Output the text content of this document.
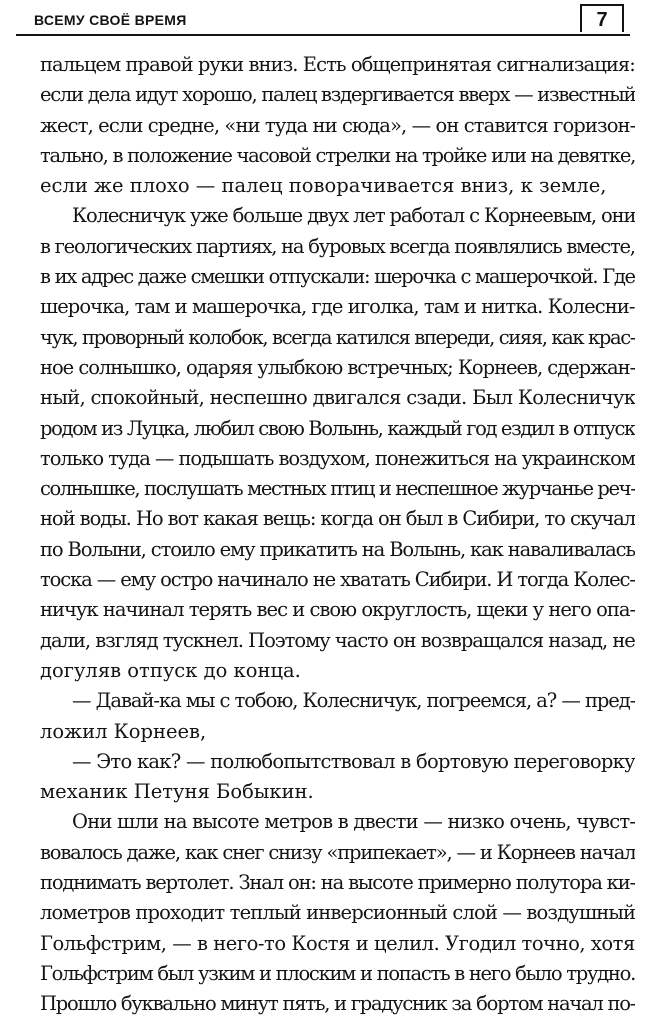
ВСЕМУ СВОЁ ВРЕМЯ	7
пальцем правой руки вниз. Есть общепринятая сигнализация:
если дела идут хорошо, палец вздергивается вверх — известный
жест, если средне, «ни туда ни сюда», — он ставится горизон-
тально, в положение часовой стрелки на тройке или на девятке,
если же плохо — палец поворачивается вниз, к земле,
Колесничук уже больше двух лет работал с Корнеевым, они
в геологических партиях, на буровых всегда появлялись вместе,
в их адрес даже смешки отпускали: шерочка с машерочкой. Где
шерочка, там и машерочка, где иголка, там и нитка. Колесни-
чук, проворный колобок, всегда катился впереди, сияя, как крас-
ное солнышко, одаряя улыбкою встречных; Корнеев, сдержан-
ный, спокойный, неспешно двигался сзади. Был Колесничук
родом из Луцка, любил свою Волынь, каждый год ездил в отпуск
только туда — подышать воздухом, понежиться на украинском
солнышке, послушать местных птиц и неспешное журчанье реч-
ной воды. Но вот какая вещь: когда он был в Сибири, то скучал
по Волыни, стоило ему прикатить на Волынь, как наваливалась
тоска — ему остро начинало не хватать Сибири. И тогда Колес-
ничук начинал терять вес и свою округлость, щеки у него опа-
дали, взгляд тускнел. Поэтому часто он возвращался назад, не
догуляв отпуск до конца.
— Давай-ка мы с тобою, Колесничук, погреемся, а? — пред-
ложил Корнеев,
— Это как? — полюбопытствовал в бортовую переговорку
механик Петуня Бобыкин.
Они шли на высоте метров в двести — низко очень, чувст-
вовалось даже, как снег снизу «припекает», — и Корнеев начал
поднимать вертолет. Знал он: на высоте примерно полутора ки-
лометров проходит теплый инверсионный слой — воздушный
Гольфстрим, — в него-то Костя и целил. Угодил точно, хотя
Гольфстрим был узким и плоским и попасть в него было трудно.
Прошло буквально минут пять, и градусник за бортом начал по-
